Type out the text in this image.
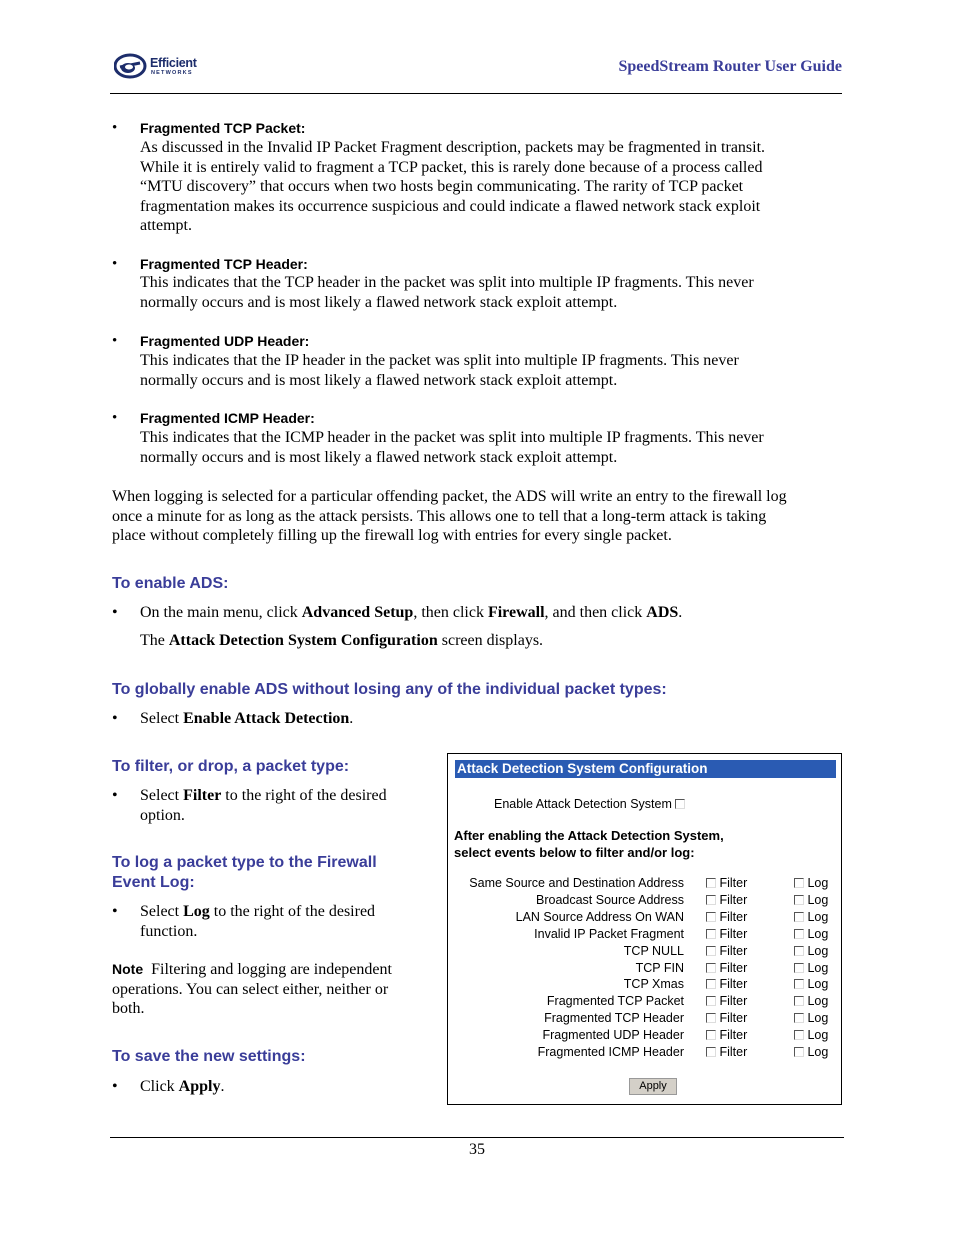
Efficient
NETWORKS	SpeedStream Router User Guide
• Fragmented TCP Packet:
As discussed in the Invalid IP Packet Fragment description, packets may be fragmented in transit.
While it is entirely valid to fragment a TCP packet, this is rarely done because of a process called
“MTU discovery” that occurs when two hosts begin communicating. The rarity of TCP packet
fragmentation makes its occurrence suspicious and could indicate a flawed network stack exploit
attempt.
• Fragmented TCP Header:
This indicates that the TCP header in the packet was split into multiple IP fragments. This never
normally occurs and is most likely a flawed network stack exploit attempt.
• Fragmented UDP Header:
This indicates that the IP header in the packet was split into multiple IP fragments. This never
normally occurs and is most likely a flawed network stack exploit attempt.
• Fragmented ICMP Header:
This indicates that the ICMP header in the packet was split into multiple IP fragments. This never
normally occurs and is most likely a flawed network stack exploit attempt.

When logging is selected for a particular offending packet, the ADS will write an entry to the firewall log
once a minute for as long as the attack persists. This allows one to tell that a long-term attack is taking
place without completely filling up the firewall log with entries for every single packet.

To enable ADS:
• On the main menu, click Advanced Setup, then click Firewall, and then click ADS.
The Attack Detection System Configuration screen displays.
To globally enable ADS without losing any of the individual packet types:
• Select Enable Attack Detection.
To filter, or drop, a packet type:
• Select Filter to the right of the desired
option.
To log a packet type to the Firewall
Event Log:
• Select Log to the right of the desired
function.

Note  Filtering and logging are independent
operations. You can select either, neither or
both.

To save the new settings:
• Click Apply.
Attack Detection System Configuration
Enable Attack Detection System
After enabling the Attack Detection System,
select events below to filter and/or log:
Same Source and Destination Address	Filter	Log
Broadcast Source Address	Filter	Log
LAN Source Address On WAN	Filter	Log
Invalid IP Packet Fragment	Filter	Log
TCP NULL	Filter	Log
TCP FIN	Filter	Log
TCP Xmas	Filter	Log
Fragmented TCP Packet	Filter	Log
Fragmented TCP Header	Filter	Log
Fragmented UDP Header	Filter	Log
Fragmented ICMP Header	Filter	Log
Apply
35
